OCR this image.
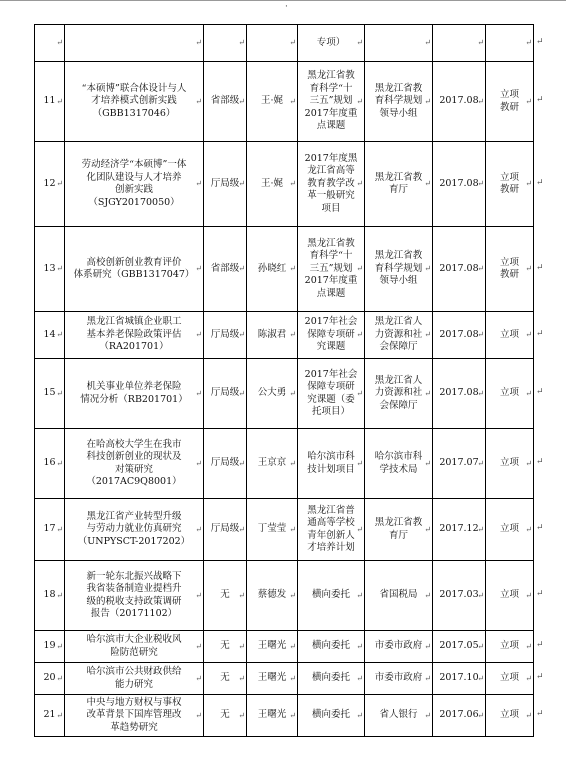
·
↵	
↵	↵	↵	
专项）
↵	
↵	↵	
↵
11 ↵	“本硕博”联合体设计与人
才培养模式创新实践
（GBB1317046）
↵	省部级 ↵	王·娓 ↵	黑龙江省教
育科学“十
三五”规划
2017年度重
点课题
↵	黑龙江省教
育科学规划
领导小组
↵	2017.08 ↵	立项
教研
↵
12 ↵	劳动经济学“本硕博”一体
化团队建设与人才培养
创新实践
（SJGY20170050）
↵	厅局级 ↵	王·娓 ↵	2017年度黑
龙江省高等
教育教学改
革一般研究
项目
↵	黑龙江省教
育厅
↵	2017.08 ↵	立项
教研
↵
13 ↵	高校创新创业教育评价
体系研究（GBB1317047）
↵	省部级 ↵	孙晓红 ↵	黑龙江省教
育科学“十
三五”规划
2017年度重
点课题
↵	黑龙江省教
育科学规划
领导小组
↵	2017.08 ↵	立项
教研
↵
14 ↵	黑龙江省城镇企业职工
基本养老保险政策评估
（RA201701）
↵	厅局级 ↵	陈淑君 ↵	2017年社会
保障专项研
究课题
↵	黑龙江省人
力资源和社
会保障厅
↵	2017.08 ↵	立项
↵
15 ↵	机关事业单位养老保险
情况分析（RB201701）
↵	厅局级 ↵	公大勇 ↵	2017年社会
保障专项研
究课题（委
托项目）
↵	黑龙江省人
力资源和社
会保障厅
↵	2017.08 ↵	立项
↵
16 ↵	在哈高校大学生在我市
科技创新创业的现状及
对策研究
（2017AC9Q8001）
↵	厅局级 ↵	王京京 ↵	哈尔滨市科
技计划项目
↵	哈尔滨市科
学技术局
↵	2017.07 ↵	立项
↵
17 ↵	黑龙江省产业转型升级
与劳动力就业仿真研究
（UNPYSCT-2017202）
↵	厅局级 ↵	丁莹莹 ↵	黑龙江省普
通高等学校
青年创新人
才培养计划
↵	黑龙江省教
育厅
↵	2017.12 ↵	立项
↵
18 ↵	新一轮东北振兴战略下
我省装备制造业提档升
级的税收支持政策调研
报告（20171102）
↵	无 ↵	蔡德发 ↵	横向委托
↵	省国税局
↵	2017.03 ↵	立项
↵
19 ↵	哈尔滨市大企业税收风
险防范研究
↵	无 ↵	王曙光 ↵	横向委托
↵	市委市政府
↵	2017.05 ↵	立项
↵
20 ↵	哈尔滨市公共财政供给
能力研究
↵	无 ↵	王曙光 ↵	横向委托
↵	市委市政府
↵	2017.10 ↵	立项
↵
21 ↵	中央与地方财权与事权
改革背景下国库管理改
革趋势研究
↵	无 ↵	王曙光 ↵	横向委托
↵	省人银行
↵	2017.06 ↵	立项
↵
↵
↵
↵
↵
↵
↵
↵
↵
↵
↵
↵
↵
